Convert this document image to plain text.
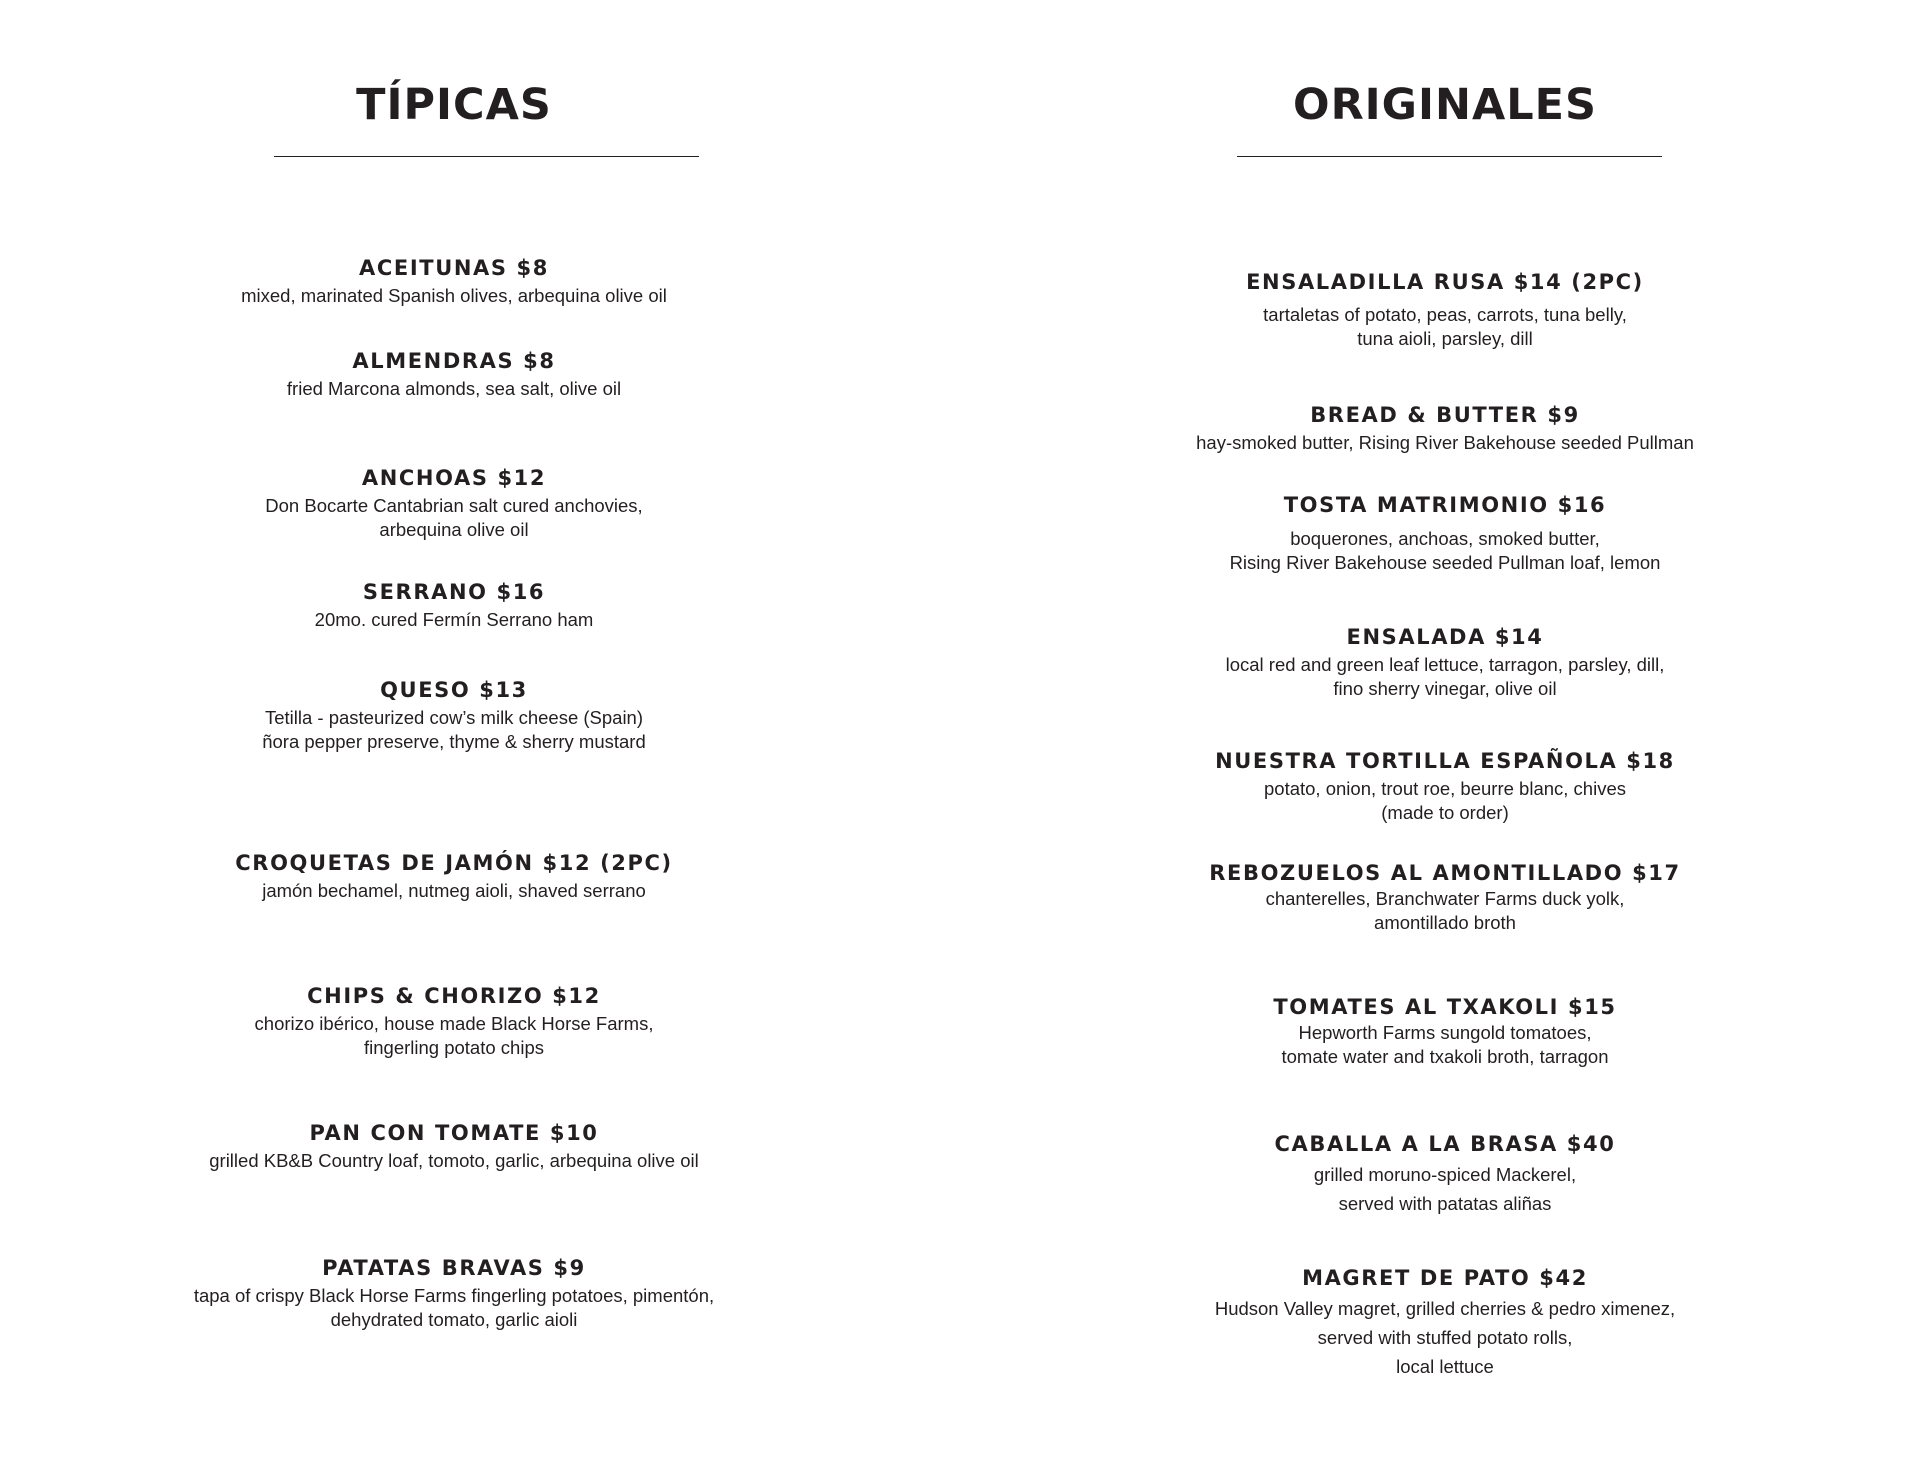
TÍPICAS

ACEITUNAS $8

mixed, marinated Spanish olives, arbequina olive oil

ALMENDRAS $8

fried Marcona almonds, sea salt, olive oil

ANCHOAS $12

Don Bocarte Cantabrian salt cured anchovies,
arbequina olive oil

SERRANO $16

20mo. cured Fermín Serrano ham

QUESO $13

Tetilla - pasteurized cow’s milk cheese (Spain)
ñora pepper preserve, thyme & sherry mustard

CROQUETAS DE JAMÓN $12 (2PC)

jamón bechamel, nutmeg aioli, shaved serrano

CHIPS & CHORIZO $12

chorizo ibérico, house made Black Horse Farms,
fingerling potato chips

PAN CON TOMATE $10

grilled KB&B Country loaf, tomoto, garlic, arbequina olive oil

PATATAS BRAVAS $9

tapa of crispy Black Horse Farms fingerling potatoes, pimentón,
dehydrated tomato, garlic aioli

ORIGINALES

ENSALADILLA RUSA $14 (2PC)

tartaletas of potato, peas, carrots, tuna belly,
tuna aioli, parsley, dill

BREAD & BUTTER $9

hay-smoked butter, Rising River Bakehouse seeded Pullman

TOSTA MATRIMONIO $16

boquerones, anchoas, smoked butter,
Rising River Bakehouse seeded Pullman loaf, lemon

ENSALADA $14

local red and green leaf lettuce, tarragon, parsley, dill,
fino sherry vinegar, olive oil

NUESTRA TORTILLA ESPAÑOLA $18

potato, onion, trout roe, beurre blanc, chives
(made to order)

REBOZUELOS AL AMONTILLADO $17

chanterelles, Branchwater Farms duck yolk,
amontillado broth

TOMATES AL TXAKOLI $15

Hepworth Farms sungold tomatoes,
tomate water and txakoli broth, tarragon

CABALLA A LA BRASA $40

grilled moruno-spiced Mackerel,
served with patatas aliñas

MAGRET DE PATO $42

Hudson Valley magret, grilled cherries & pedro ximenez,
served with stuffed potato rolls,
local lettuce
